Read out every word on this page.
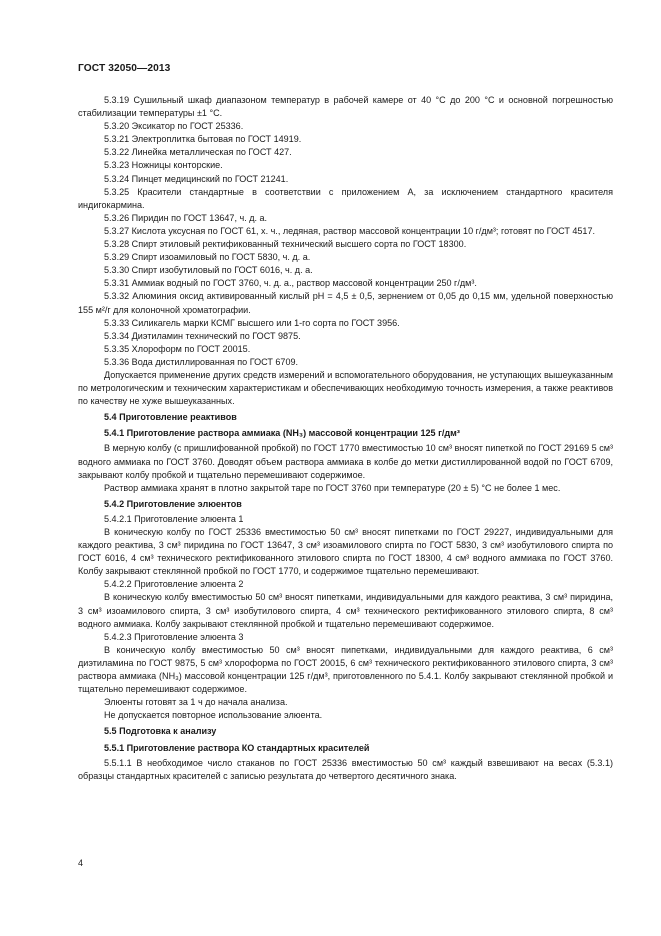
ГОСТ 32050—2013
5.3.19 Сушильный шкаф диапазоном температур в рабочей камере от 40 °С до 200 °С и основной погрешностью стабилизации температуры ±1 °С.
5.3.20 Эксикатор по ГОСТ 25336.
5.3.21 Электроплитка бытовая по ГОСТ 14919.
5.3.22 Линейка металлическая по ГОСТ 427.
5.3.23 Ножницы конторские.
5.3.24 Пинцет медицинский по ГОСТ 21241.
5.3.25 Красители стандартные в соответствии с приложением А, за исключением стандартного красителя индигокармина.
5.3.26 Пиридин по ГОСТ 13647, ч. д. а.
5.3.27 Кислота уксусная по ГОСТ 61, х. ч., ледяная, раствор массовой концентрации 10 г/дм³; готовят по ГОСТ 4517.
5.3.28 Спирт этиловый ректификованный технический высшего сорта по ГОСТ 18300.
5.3.29 Спирт изоамиловый по ГОСТ 5830, ч. д. а.
5.3.30 Спирт изобутиловый по ГОСТ 6016, ч. д. а.
5.3.31 Аммиак водный по ГОСТ 3760, ч. д. а., раствор массовой концентрации 250 г/дм³.
5.3.32 Алюминия оксид активированный кислый pH = 4,5 ± 0,5, зернением от 0,05 до 0,15 мм, удельной поверхностью 155 м²/г для колоночной хроматографии.
5.3.33 Силикагель марки КСМГ высшего или 1-го сорта по ГОСТ 3956.
5.3.34 Диэтиламин технический по ГОСТ 9875.
5.3.35 Хлороформ по ГОСТ 20015.
5.3.36 Вода дистиллированная по ГОСТ 6709.
Допускается применение других средств измерений и вспомогательного оборудования, не уступающих вышеуказанным по метрологическим и техническим характеристикам и обеспечивающих необходимую точность измерения, а также реактивов по качеству не хуже вышеуказанных.
5.4 Приготовление реактивов
5.4.1 Приготовление раствора аммиака (NH₃) массовой концентрации 125 г/дм³
В мерную колбу (с пришлифованной пробкой) по ГОСТ 1770 вместимостью 10 см³ вносят пипеткой по ГОСТ 29169 5 см³ водного аммиака по ГОСТ 3760. Доводят объем раствора аммиака в колбе до метки дистиллированной водой по ГОСТ 6709, закрывают колбу пробкой и тщательно перемешивают содержимое.
Раствор аммиака хранят в плотно закрытой таре по ГОСТ 3760 при температуре (20 ± 5) °С не более 1 мес.
5.4.2 Приготовление элюентов
5.4.2.1 Приготовление элюента 1
В коническую колбу по ГОСТ 25336 вместимостью 50 см³ вносят пипетками по ГОСТ 29227, индивидуальными для каждого реактива, 3 см³ пиридина по ГОСТ 13647, 3 см³ изоамилового спирта по ГОСТ 5830, 3 см³ изобутилового спирта по ГОСТ 6016, 4 см³ технического ректификованного этилового спирта по ГОСТ 18300, 4 см³ водного аммиака по ГОСТ 3760. Колбу закрывают стеклянной пробкой по ГОСТ 1770, и содержимое тщательно перемешивают.
5.4.2.2 Приготовление элюента 2
В коническую колбу вместимостью 50 см³ вносят пипетками, индивидуальными для каждого реактива, 3 см³ пиридина, 3 см³ изоамилового спирта, 3 см³ изобутилового спирта, 4 см³ технического ректификованного этилового спирта, 8 см³ водного аммиака. Колбу закрывают стеклянной пробкой и тщательно перемешивают содержимое.
5.4.2.3 Приготовление элюента 3
В коническую колбу вместимостью 50 см³ вносят пипетками, индивидуальными для каждого реактива, 6 см³ диэтиламина по ГОСТ 9875, 5 см³ хлороформа по ГОСТ 20015, 6 см³ технического ректификованного этилового спирта, 3 см³ раствора аммиака (NH₃) массовой концентрации 125 г/дм³, приготовленного по 5.4.1. Колбу закрывают стеклянной пробкой и тщательно перемешивают содержимое.
Элюенты готовят за 1 ч до начала анализа.
Не допускается повторное использование элюента.
5.5 Подготовка к анализу
5.5.1 Приготовление раствора КО стандартных красителей
5.5.1.1 В необходимое число стаканов по ГОСТ 25336 вместимостью 50 см³ каждый взвешивают на весах (5.3.1) образцы стандартных красителей с записью результата до четвертого десятичного знака.
4
